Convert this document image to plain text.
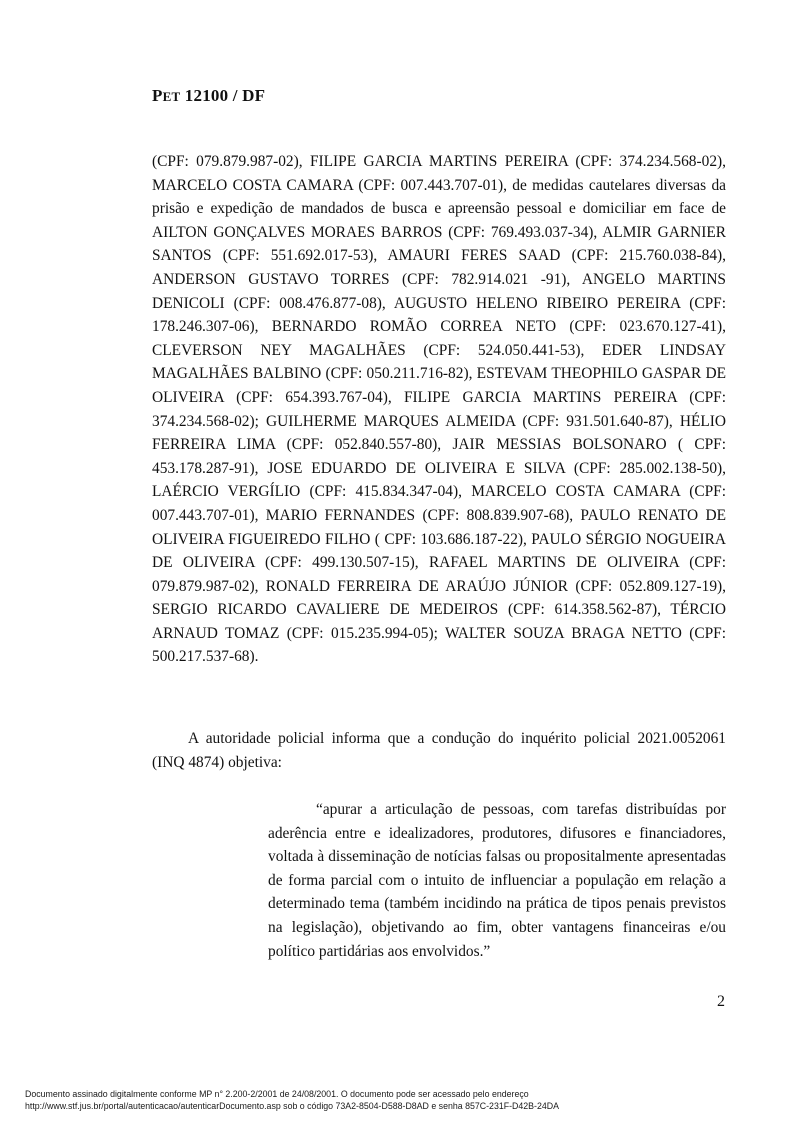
PET 12100 / DF

(CPF: 079.879.987-02), FILIPE GARCIA MARTINS PEREIRA (CPF: 374.234.568-02), MARCELO COSTA CAMARA (CPF: 007.443.707-01), de medidas cautelares diversas da prisão e expedição de mandados de busca e apreensão pessoal e domiciliar em face de AILTON GONÇALVES MORAES BARROS (CPF: 769.493.037-34), ALMIR GARNIER SANTOS (CPF: 551.692.017-53), AMAURI FERES SAAD (CPF: 215.760.038-84), ANDERSON GUSTAVO TORRES (CPF: 782.914.021 -91), ANGELO MARTINS DENICOLI (CPF: 008.476.877-08), AUGUSTO HELENO RIBEIRO PEREIRA (CPF: 178.246.307-06), BERNARDO ROMÃO CORREA NETO (CPF: 023.670.127-41), CLEVERSON NEY MAGALHÃES (CPF: 524.050.441-53), EDER LINDSAY MAGALHÃES BALBINO (CPF: 050.211.716-82), ESTEVAM THEOPHILO GASPAR DE OLIVEIRA (CPF: 654.393.767-04), FILIPE GARCIA MARTINS PEREIRA (CPF: 374.234.568-02); GUILHERME MARQUES ALMEIDA (CPF: 931.501.640-87), HÉLIO FERREIRA LIMA (CPF: 052.840.557-80), JAIR MESSIAS BOLSONARO ( CPF: 453.178.287-91), JOSE EDUARDO DE OLIVEIRA E SILVA (CPF: 285.002.138-50), LAÉRCIO VERGÍLIO (CPF: 415.834.347-04), MARCELO COSTA CAMARA (CPF: 007.443.707-01), MARIO FERNANDES (CPF: 808.839.907-68), PAULO RENATO DE OLIVEIRA FIGUEIREDO FILHO ( CPF: 103.686.187-22), PAULO SÉRGIO NOGUEIRA DE OLIVEIRA (CPF: 499.130.507-15), RAFAEL MARTINS DE OLIVEIRA (CPF: 079.879.987-02), RONALD FERREIRA DE ARAÚJO JÚNIOR (CPF: 052.809.127-19), SERGIO RICARDO CAVALIERE DE MEDEIROS (CPF: 614.358.562-87), TÉRCIO ARNAUD TOMAZ (CPF: 015.235.994-05); WALTER SOUZA BRAGA NETTO (CPF: 500.217.537-68).

A autoridade policial informa que a condução do inquérito policial 2021.0052061 (INQ 4874) objetiva:

“apurar a articulação de pessoas, com tarefas distribuídas por aderência entre e idealizadores, produtores, difusores e financiadores, voltada à disseminação de notícias falsas ou propositalmente apresentadas de forma parcial com o intuito de influenciar a população em relação a determinado tema (também incidindo na prática de tipos penais previstos na legislação), objetivando ao fim, obter vantagens financeiras e/ou político partidárias aos envolvidos.”

2
Documento assinado digitalmente conforme MP n° 2.200-2/2001 de 24/08/2001. O documento pode ser acessado pelo endereço
http://www.stf.jus.br/portal/autenticacao/autenticarDocumento.asp sob o código 73A2-8504-D588-D8AD e senha 857C-231F-D42B-24DA
